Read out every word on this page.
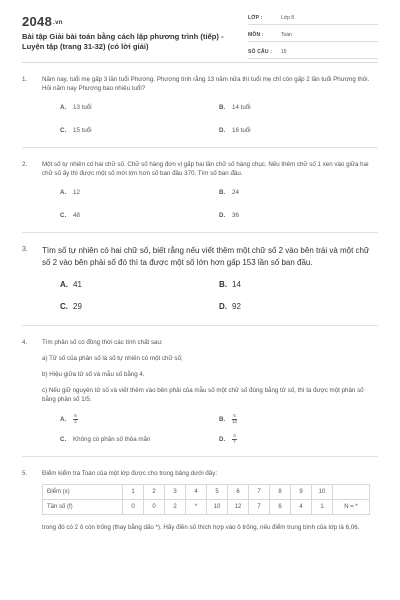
2048.vn
Bài tập Giải bài toán bằng cách lập phương trình (tiếp) - Luyện tập (trang 31-32) (có lời giải)
LỚP :	Lớp 8
MÔN :	Toán
SỐ CÂU :	15
1. Năm nay, tuổi mẹ gấp 3 lần tuổi Phương. Phương tính rằng 13 năm nữa thì tuổi mẹ chỉ còn gấp 2 lần tuổi Phương thôi. Hỏi năm nay Phương bao nhiêu tuổi?

A.	13 tuổi	B.	14 tuổi
C.	15 tuổi	D.	16 tuổi
2. Một số tự nhiên có hai chữ số. Chữ số hàng đơn vị gấp hai lần chữ số hàng chục. Nếu thêm chữ số 1 xen vào giữa hai chữ số ấy thì được một số mới lớn hơn số ban đầu 370. Tìm số ban đầu.

A.	12	B.	24
C.	48	D.	36
3. Tìm số tự nhiên có hai chữ số, biết rằng nếu viết thêm một chữ số 2 vào bên trái và một chữ số 2 vào bên phải số đó thì ta được một số lớn hơn gấp 153 lần số ban đầu.

A. 41	B. 14
C. 29	D. 92
4. Tìm phân số có đồng thời các tính chất sau:

a) Tử số của phân số là số tự nhiên có một chữ số;

b) Hiệu giữa tử số và mẫu số bằng 4.

c) Nếu giữ nguyên tử số và viết thêm vào bên phải của mẫu số một chữ số đúng bằng tử số, thì ta được một phân số bằng phân số 1/5.

A.	$\frac{6}{2}$	B.	$\frac{5}{10}$
C.	Không có phân số thỏa mãn	D.	$\frac{3}{7}$
5. Điểm kiểm tra Toán của một lớp được cho trong bảng dưới đây:

Điểm (x)	1	2	3	4	5	6	7	8	9	10	
Tần số (f)	0	0	2	*	10	12	7	6	4	1	N = *

trong đó có 2 ô còn trống (thay bằng dấu *). Hãy điền số thích hợp vào ô trống, nếu điểm trung bình của lớp là 6,06.
